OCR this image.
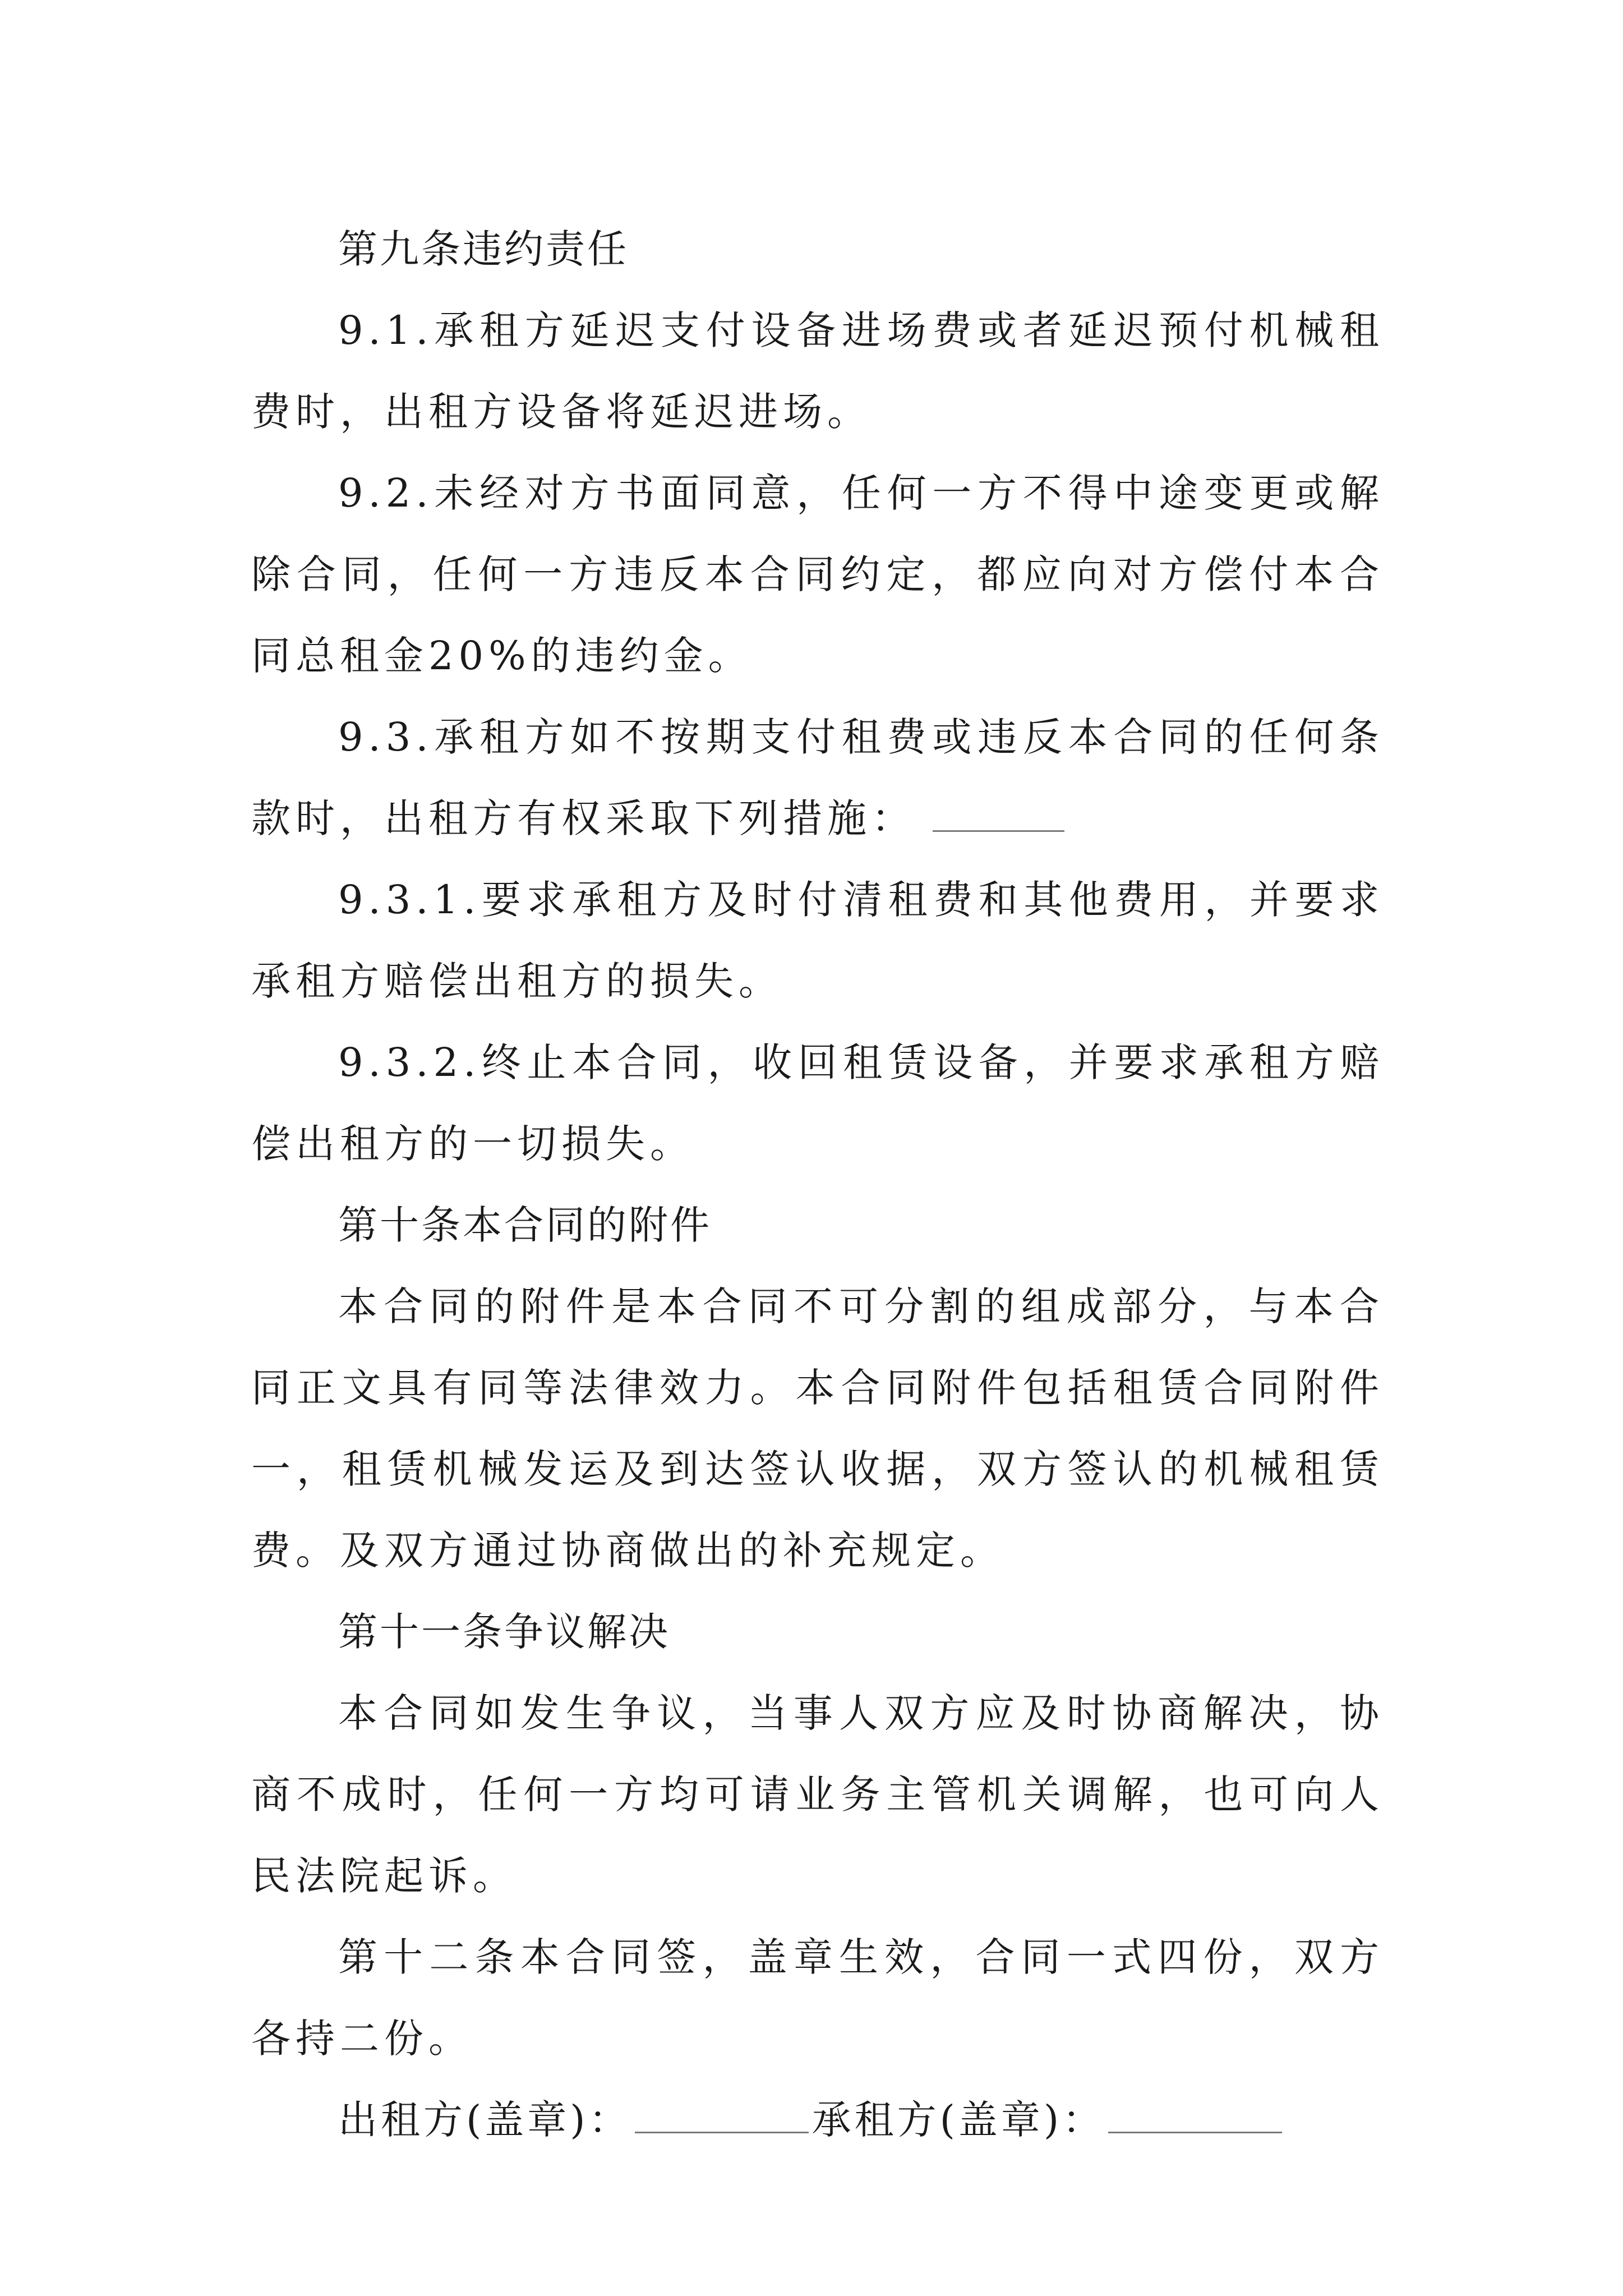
第九条违约责任

9.1.承租方延迟支付设备进场费或者延迟预付机械租费时，出租方设备将延迟进场。

9.2.未经对方书面同意，任何一方不得中途变更或解除合同，任何一方违反本合同约定，都应向对方偿付本合同总租金20%的违约金。

9.3.承租方如不按期支付租费或违反本合同的任何条款时，出租方有权采取下列措施：

9.3.1.要求承租方及时付清租费和其他费用，并要求承租方赔偿出租方的损失。

9.3.2.终止本合同，收回租赁设备，并要求承租方赔偿出租方的一切损失。

第十条本合同的附件

本合同的附件是本合同不可分割的组成部分，与本合同正文具有同等法律效力。本合同附件包括租赁合同附件一，租赁机械发运及到达签认收据，双方签认的机械租赁费。及双方通过协商做出的补充规定。

第十一条争议解决

本合同如发生争议，当事人双方应及时协商解决，协商不成时，任何一方均可请业务主管机关调解，也可向人民法院起诉。

第十二条本合同签，盖章生效，合同一式四份，双方各持二份。

出租方(盖章)：	承租方(盖章)：
